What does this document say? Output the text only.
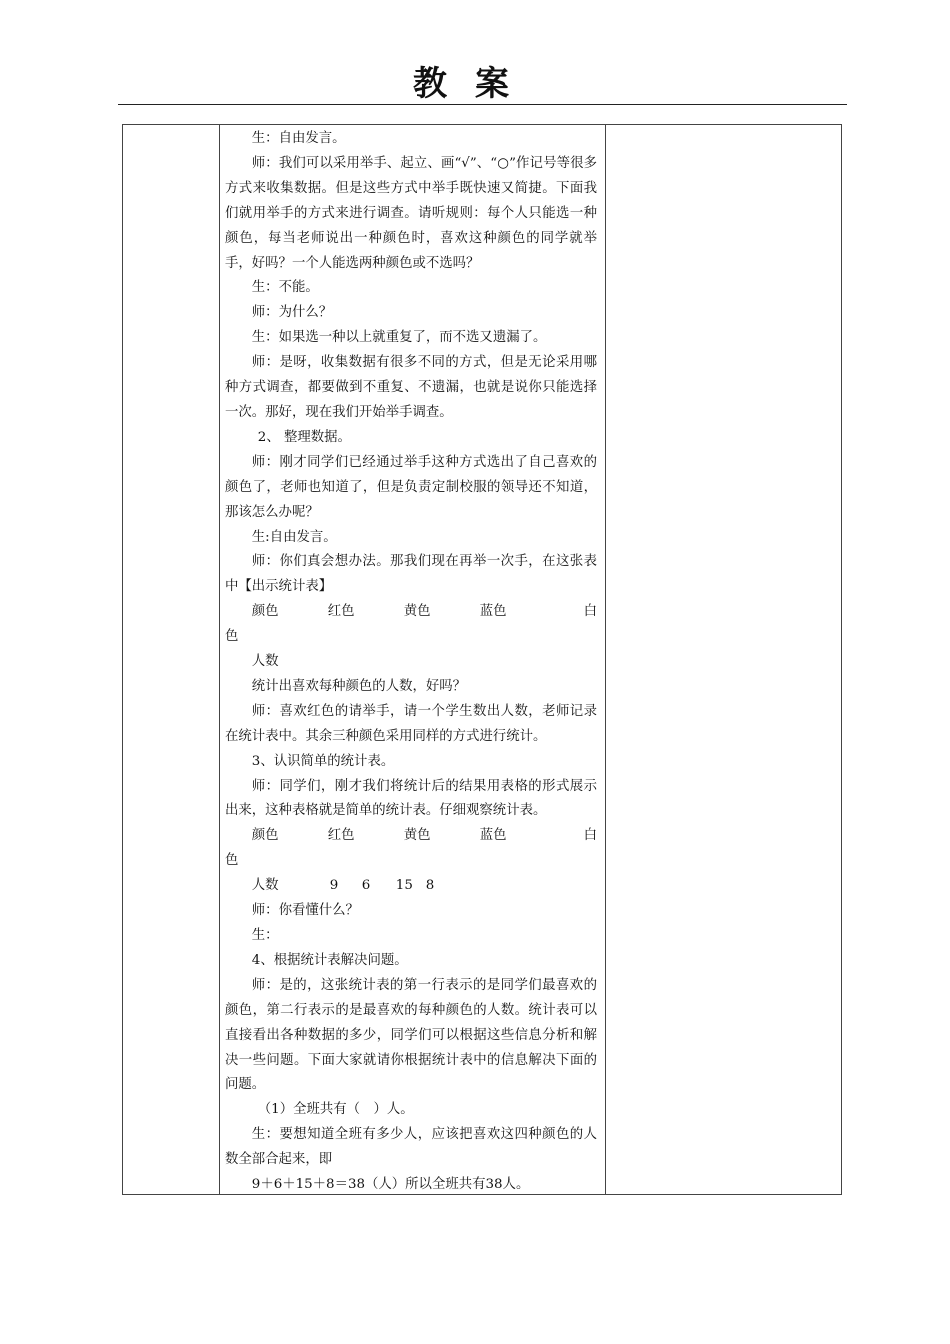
教案

生：自由发言。

师：我们可以采用举手、起立、画“√”、“○”作记号等很多方式来收集数据。但是这些方式中举手既快速又简捷。下面我们就用举手的方式来进行调查。请听规则：每个人只能选一种颜色，每当老师说出一种颜色时，喜欢这种颜色的同学就举手，好吗？一个人能选两种颜色或不选吗？

生：不能。

师：为什么？

生：如果选一种以上就重复了，而不选又遗漏了。

师：是呀，收集数据有很多不同的方式，但是无论采用哪种方式调查，都要做到不重复、不遗漏，也就是说你只能选择一次。那好，现在我们开始举手调查。

2、 整理数据。

师：刚才同学们已经通过举手这种方式选出了自己喜欢的颜色了，老师也知道了，但是负责定制校服的领导还不知道，那该怎么办呢？

生:自由发言。

师：你们真会想办法。那我们现在再举一次手，在这张表中【出示统计表】

颜色	红色	黄色	蓝色	白

色

人数

统计出喜欢每种颜色的人数，好吗？

师：喜欢红色的请举手，请一个学生数出人数，老师记录在统计表中。其余三种颜色采用同样的方式进行统计。

3、认识简单的统计表。

师：同学们，刚才我们将统计后的结果用表格的形式展示出来，这种表格就是简单的统计表。仔细观察统计表。

颜色	红色	黄色	蓝色	白

色

人数	9	6	15 8

师：你看懂什么？

生：

4、根据统计表解决问题。

师：是的，这张统计表的第一行表示的是同学们最喜欢的颜色，第二行表示的是最喜欢的每种颜色的人数。统计表可以直接看出各种数据的多少，同学们可以根据这些信息分析和解决一些问题。下面大家就请你根据统计表中的信息解决下面的问题。

（1）全班共有（　）人。

生：要想知道全班有多少人，应该把喜欢这四种颜色的人数全部合起来，即

9＋6＋15＋8＝38（人）所以全班共有38人。
